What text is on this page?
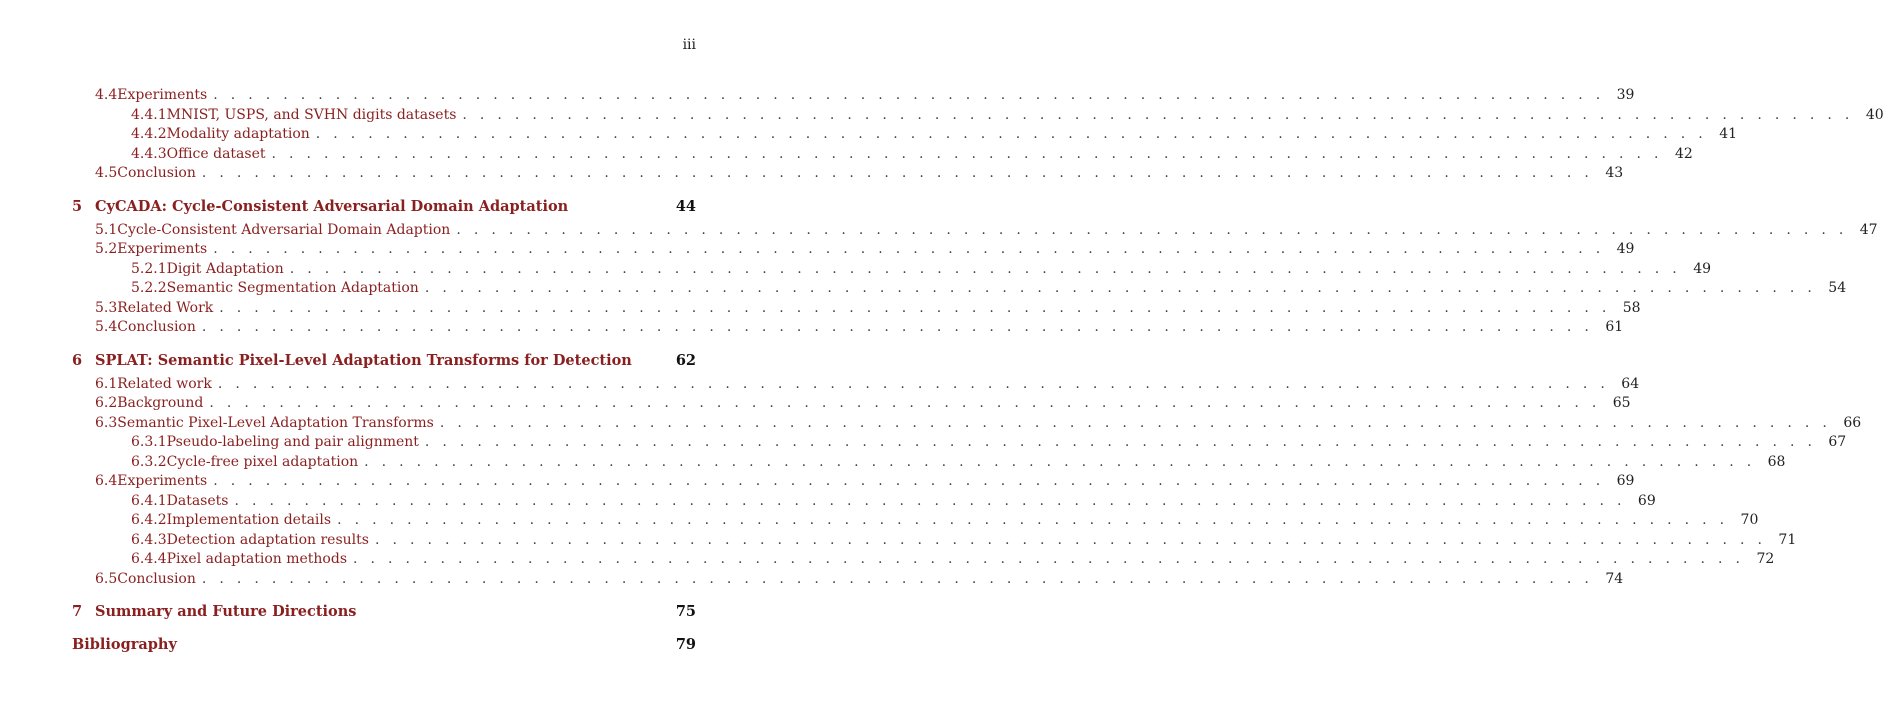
iii
4.4 Experiments . . . . . . . . . . . . . . . . . . . . . . . . . . . . . . . . . . . . . . . . . . . . . . . . . . . . . . . . . . . . . . . . . . . . . . . . . . . . . . . . 39
4.4.1 MNIST, USPS, and SVHN digits datasets . . . . . . . . . . . . . . . . . . . . . . . . . . . . . . . . . . . . . . . . . . . . . . . . . . . . . . . . . . . . . . . . . . . . . . . . . . . . . . . . 40
4.4.2 Modality adaptation . . . . . . . . . . . . . . . . . . . . . . . . . . . . . . . . . . . . . . . . . . . . . . . . . . . . . . . . . . . . . . . . . . . . . . . . . . . . . . . . 41
4.4.3 Office dataset . . . . . . . . . . . . . . . . . . . . . . . . . . . . . . . . . . . . . . . . . . . . . . . . . . . . . . . . . . . . . . . . . . . . . . . . . . . . . . . . 42
4.5 Conclusion . . . . . . . . . . . . . . . . . . . . . . . . . . . . . . . . . . . . . . . . . . . . . . . . . . . . . . . . . . . . . . . . . . . . . . . . . . . . . . . . 43
5 CyCADA: Cycle-Consistent Adversarial Domain Adaptation	44
5.1 Cycle-Consistent Adversarial Domain Adaption . . . . . . . . . . . . . . . . . . . . . . . . . . . . . . . . . . . . . . . . . . . . . . . . . . . . . . . . . . . . . . . . . . . . . . . . . . . . . . . . 47
5.2 Experiments . . . . . . . . . . . . . . . . . . . . . . . . . . . . . . . . . . . . . . . . . . . . . . . . . . . . . . . . . . . . . . . . . . . . . . . . . . . . . . . . 49
5.2.1 Digit Adaptation . . . . . . . . . . . . . . . . . . . . . . . . . . . . . . . . . . . . . . . . . . . . . . . . . . . . . . . . . . . . . . . . . . . . . . . . . . . . . . . . 49
5.2.2 Semantic Segmentation Adaptation . . . . . . . . . . . . . . . . . . . . . . . . . . . . . . . . . . . . . . . . . . . . . . . . . . . . . . . . . . . . . . . . . . . . . . . . . . . . . . . . 54
5.3 Related Work . . . . . . . . . . . . . . . . . . . . . . . . . . . . . . . . . . . . . . . . . . . . . . . . . . . . . . . . . . . . . . . . . . . . . . . . . . . . . . . . 58
5.4 Conclusion . . . . . . . . . . . . . . . . . . . . . . . . . . . . . . . . . . . . . . . . . . . . . . . . . . . . . . . . . . . . . . . . . . . . . . . . . . . . . . . . 61
6 SPLAT: Semantic Pixel-Level Adaptation Transforms for Detection	62
6.1 Related work . . . . . . . . . . . . . . . . . . . . . . . . . . . . . . . . . . . . . . . . . . . . . . . . . . . . . . . . . . . . . . . . . . . . . . . . . . . . . . . . 64
6.2 Background . . . . . . . . . . . . . . . . . . . . . . . . . . . . . . . . . . . . . . . . . . . . . . . . . . . . . . . . . . . . . . . . . . . . . . . . . . . . . . . . 65
6.3 Semantic Pixel-Level Adaptation Transforms . . . . . . . . . . . . . . . . . . . . . . . . . . . . . . . . . . . . . . . . . . . . . . . . . . . . . . . . . . . . . . . . . . . . . . . . . . . . . . . . 66
6.3.1 Pseudo-labeling and pair alignment . . . . . . . . . . . . . . . . . . . . . . . . . . . . . . . . . . . . . . . . . . . . . . . . . . . . . . . . . . . . . . . . . . . . . . . . . . . . . . . . 67
6.3.2 Cycle-free pixel adaptation . . . . . . . . . . . . . . . . . . . . . . . . . . . . . . . . . . . . . . . . . . . . . . . . . . . . . . . . . . . . . . . . . . . . . . . . . . . . . . . . 68
6.4 Experiments . . . . . . . . . . . . . . . . . . . . . . . . . . . . . . . . . . . . . . . . . . . . . . . . . . . . . . . . . . . . . . . . . . . . . . . . . . . . . . . . 69
6.4.1 Datasets . . . . . . . . . . . . . . . . . . . . . . . . . . . . . . . . . . . . . . . . . . . . . . . . . . . . . . . . . . . . . . . . . . . . . . . . . . . . . . . . 69
6.4.2 Implementation details . . . . . . . . . . . . . . . . . . . . . . . . . . . . . . . . . . . . . . . . . . . . . . . . . . . . . . . . . . . . . . . . . . . . . . . . . . . . . . . . 70
6.4.3 Detection adaptation results . . . . . . . . . . . . . . . . . . . . . . . . . . . . . . . . . . . . . . . . . . . . . . . . . . . . . . . . . . . . . . . . . . . . . . . . . . . . . . . . 71
6.4.4 Pixel adaptation methods . . . . . . . . . . . . . . . . . . . . . . . . . . . . . . . . . . . . . . . . . . . . . . . . . . . . . . . . . . . . . . . . . . . . . . . . . . . . . . . . 72
6.5 Conclusion . . . . . . . . . . . . . . . . . . . . . . . . . . . . . . . . . . . . . . . . . . . . . . . . . . . . . . . . . . . . . . . . . . . . . . . . . . . . . . . . 74
7 Summary and Future Directions	75
Bibliography	79
